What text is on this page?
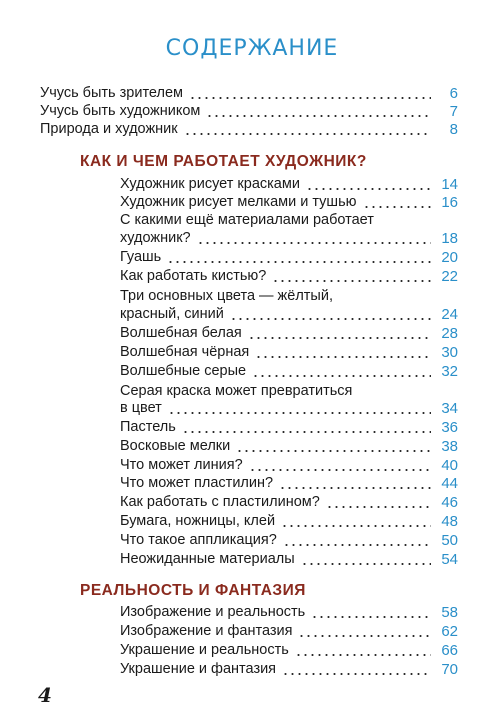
СОДЕРЖАНИЕ
Учусь быть зрителем	6
Учусь быть художником	7
Природа и художник	8
КАК И ЧЕМ РАБОТАЕТ ХУДОЖНИК?
Художник рисует красками	14
Художник рисует мелками и тушью	16
С какими ещё материалами работает
художник?	18
Гуашь	20
Как работать кистью?	22
Три основных цвета — жёлтый,
красный, синий	24
Волшебная белая	28
Волшебная чёрная	30
Волшебные серые	32
Серая краска может превратиться
в цвет	34
Пастель	36
Восковые мелки	38
Что может линия?	40
Что может пластилин?	44
Как работать с пластилином?	46
Бумага, ножницы, клей	48
Что такое аппликация?	50
Неожиданные материалы	54
РЕАЛЬНОСТЬ И ФАНТАЗИЯ
Изображение и реальность	58
Изображение и фантазия	62
Украшение и реальность	66
Украшение и фантазия	70
4
